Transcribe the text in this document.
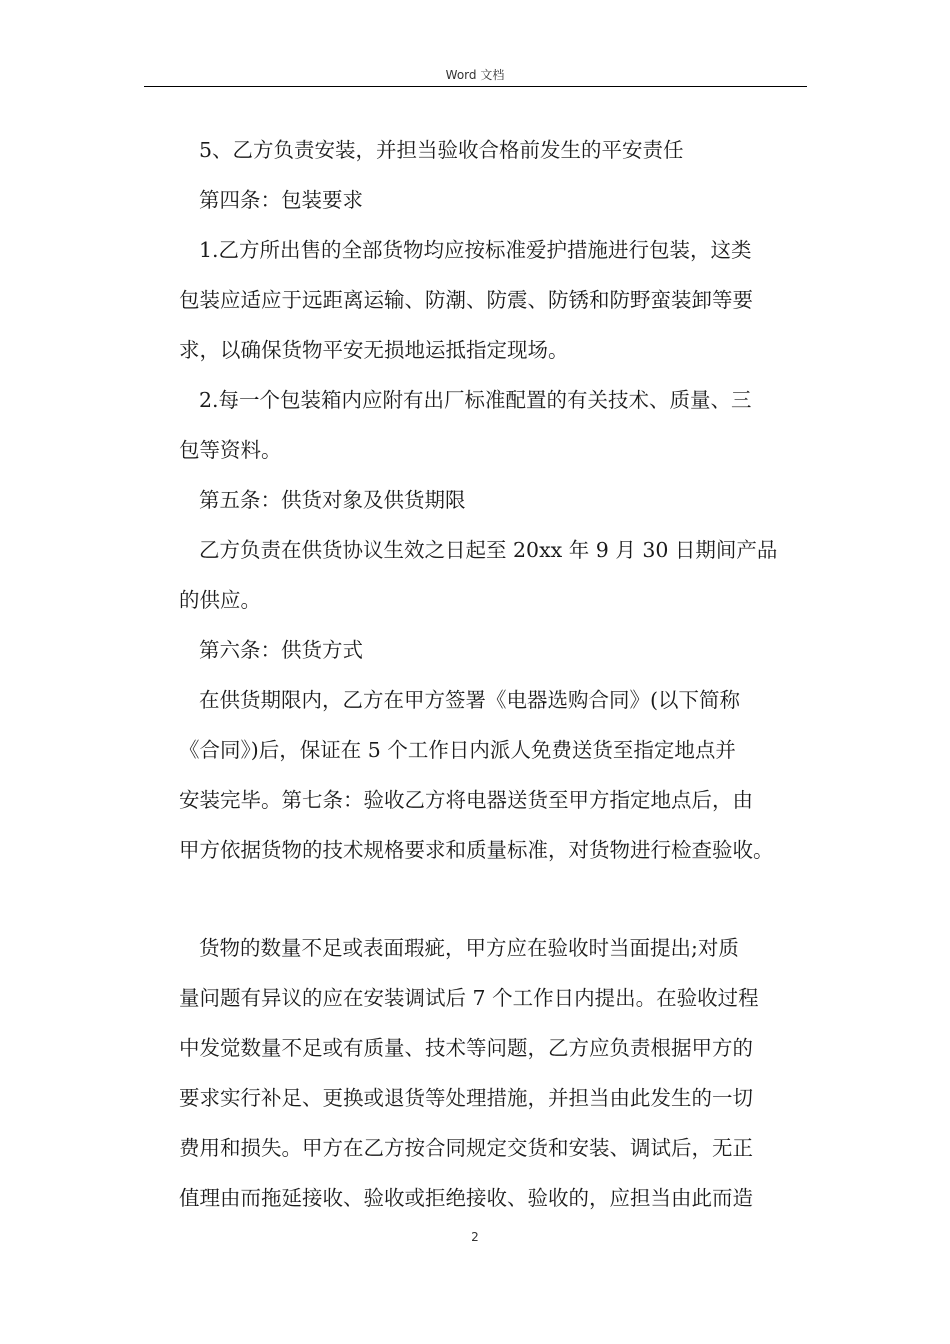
Word 文档
5、乙方负责安装，并担当验收合格前发生的平安责任
第四条：包装要求
1.乙方所出售的全部货物均应按标准爱护措施进行包装，这类
包装应适应于远距离运输、防潮、防震、防锈和防野蛮装卸等要
求，以确保货物平安无损地运抵指定现场。
2.每一个包装箱内应附有出厂标准配置的有关技术、质量、三
包等资料。
第五条：供货对象及供货期限
乙方负责在供货协议生效之日起至 20xx 年 9 月 30 日期间产品
的供应。
第六条：供货方式
在供货期限内，乙方在甲方签署《电器选购合同》(以下简称
《合同》)后，保证在 5 个工作日内派人免费送货至指定地点并
安装完毕。第七条：验收乙方将电器送货至甲方指定地点后，由
甲方依据货物的技术规格要求和质量标准，对货物进行检查验收。
货物的数量不足或表面瑕疵，甲方应在验收时当面提出;对质
量问题有异议的应在安装调试后 7 个工作日内提出。在验收过程
中发觉数量不足或有质量、技术等问题，乙方应负责根据甲方的
要求实行补足、更换或退货等处理措施，并担当由此发生的一切
费用和损失。甲方在乙方按合同规定交货和安装、调试后，无正
值理由而拖延接收、验收或拒绝接收、验收的，应担当由此而造
2
